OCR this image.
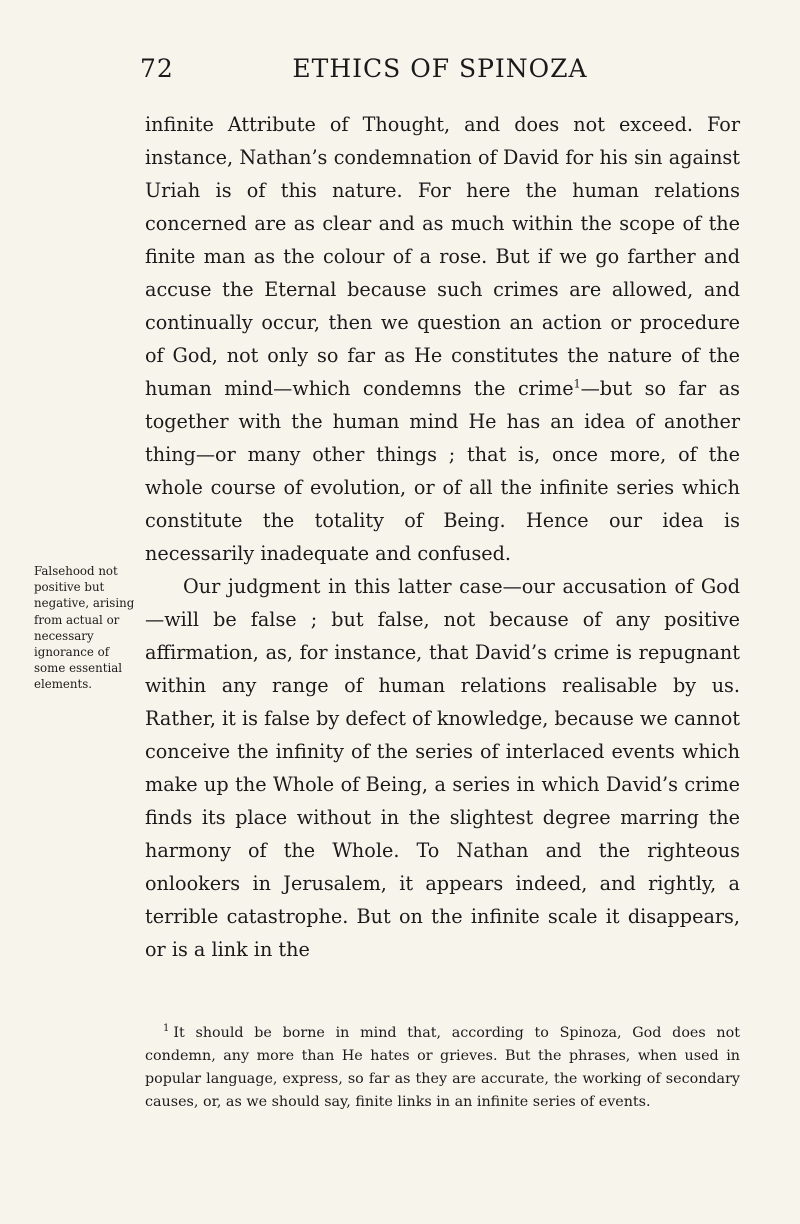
72	ETHICS OF SPINOZA

infinite Attribute of Thought, and does not exceed. For instance, Nathan’s condemnation of David for his sin against Uriah is of this nature. For here the human relations concerned are as clear and as much within the scope of the finite man as the colour of a rose. But if we go farther and accuse the Eternal because such crimes are allowed, and continually occur, then we question an action or procedure of God, not only so far as He constitutes the nature of the human mind—which condemns the crime$^1$—but so far as together with the human mind He has an idea of another thing—or many other things ; that is, once more, of the whole course of evolution, or of all the infinite series which constitute the totality of Being. Hence our idea is necessarily inadequate and confused.

Our judgment in this latter case—our accusation of God—will be false ; but false, not because of any positive affirmation, as, for instance, that David’s crime is repugnant within any range of human relations realisable by us. Rather, it is false by defect of knowledge, because we cannot conceive the infinity of the series of interlaced events which make up the Whole of Being, a series in which David’s crime finds its place without in the slightest degree marring the harmony of the Whole. To Nathan and the righteous onlookers in Jerusalem, it appears indeed, and rightly, a terrible catastrophe. But on the infinite scale it disappears, or is a link in the

Falsehood not positive but negative, arising from actual or necessary ignorance of some essential elements.
$^1$ It should be borne in mind that, according to Spinoza, God does not condemn, any more than He hates or grieves. But the phrases, when used in popular language, express, so far as they are accurate, the working of secondary causes, or, as we should say, finite links in an infinite series of events.
